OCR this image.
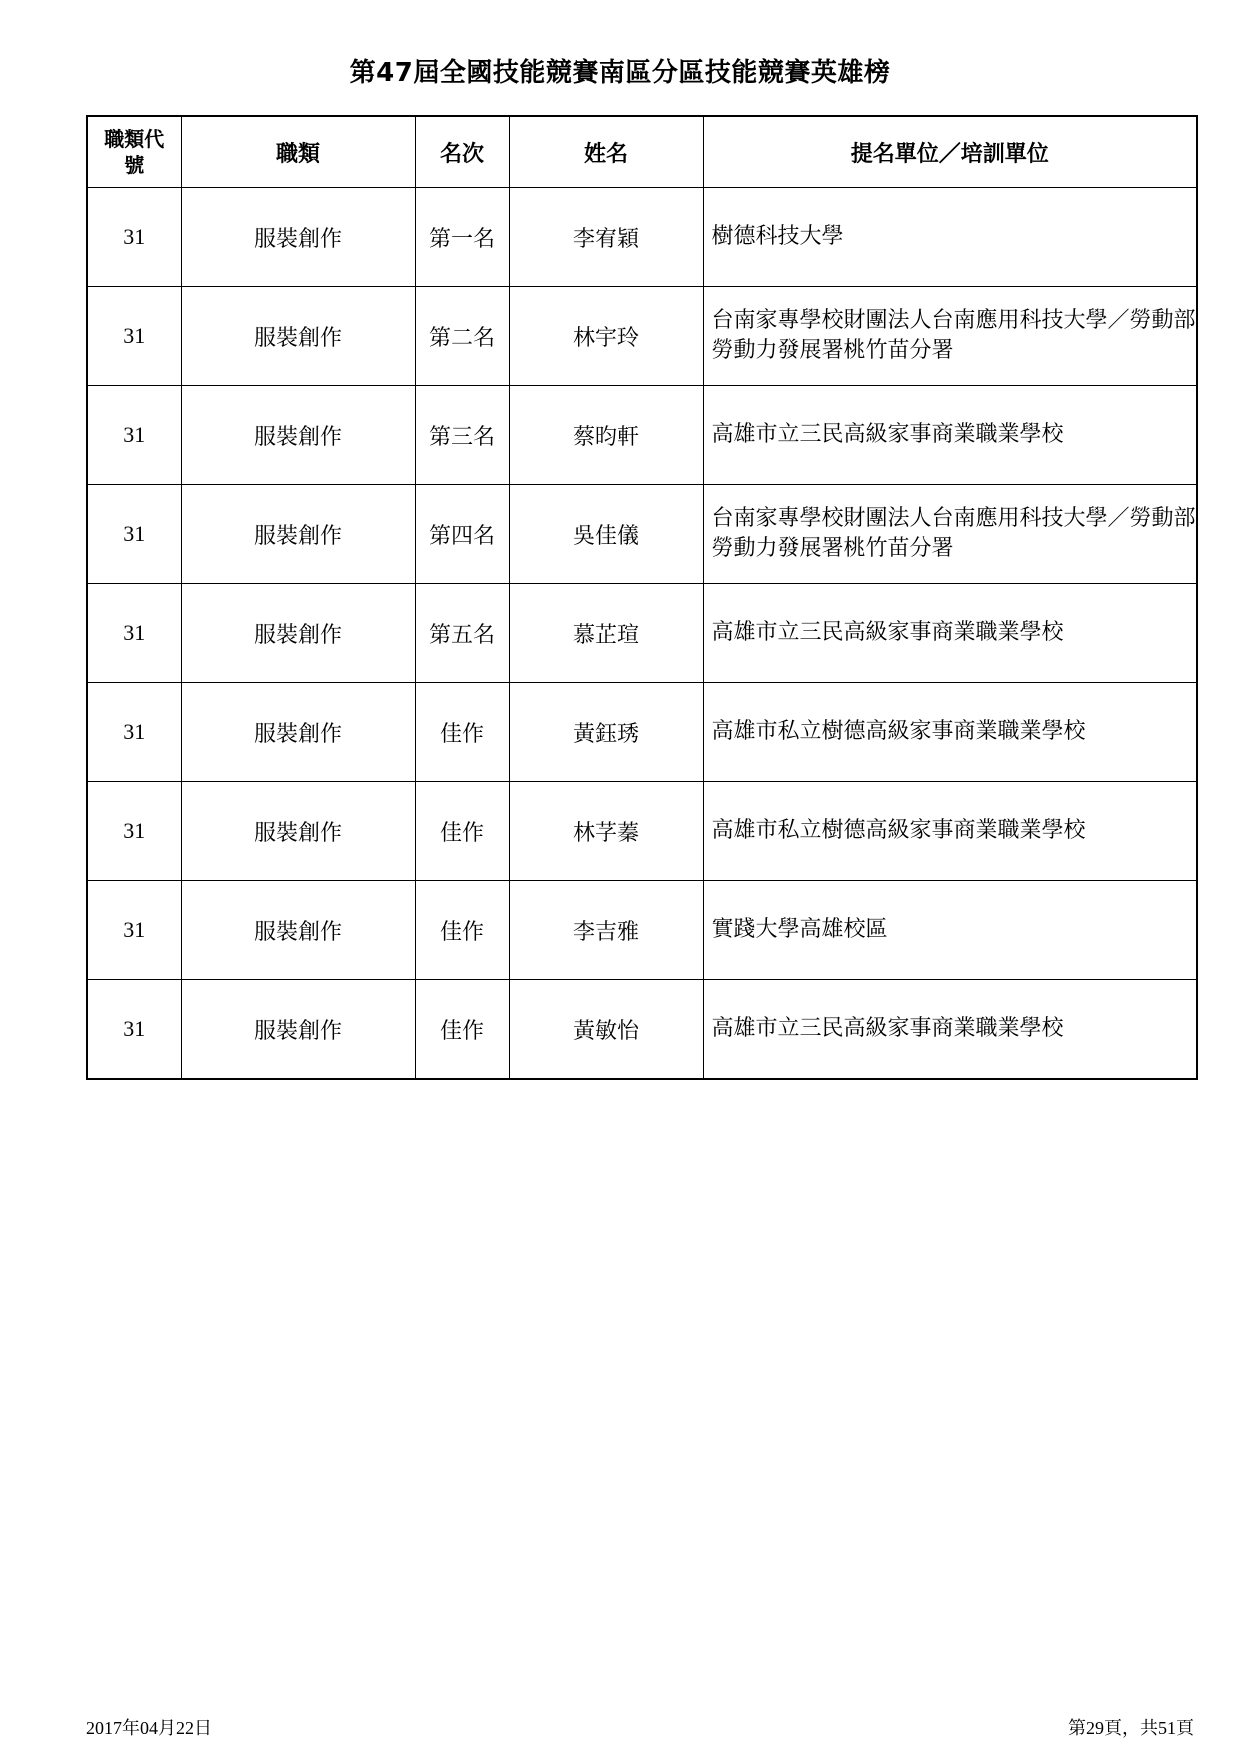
第47屆全國技能競賽南區分區技能競賽英雄榜
職類代號	職類	名次	姓名	提名單位／培訓單位
31	服裝創作	第一名	李宥穎	樹德科技大學
31	服裝創作	第二名	林宇玲	台南家專學校財團法人台南應用科技大學／勞動部勞動力發展署桃竹苗分署
31	服裝創作	第三名	蔡昀軒	高雄市立三民高級家事商業職業學校
31	服裝創作	第四名	吳佳儀	台南家專學校財團法人台南應用科技大學／勞動部勞動力發展署桃竹苗分署
31	服裝創作	第五名	慕芷瑄	高雄市立三民高級家事商業職業學校
31	服裝創作	佳作	黃鈺琇	高雄市私立樹德高級家事商業職業學校
31	服裝創作	佳作	林芓蓁	高雄市私立樹德高級家事商業職業學校
31	服裝創作	佳作	李吉雅	實踐大學高雄校區
31	服裝創作	佳作	黃敏怡	高雄市立三民高級家事商業職業學校
2017年04月22日	第29頁，共51頁
